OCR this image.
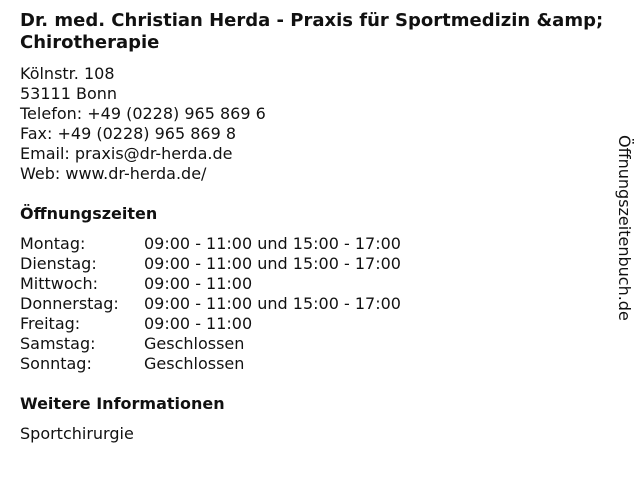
Dr. med. Christian Herda - Praxis für Sportmedizin &amp; Chirotherapie
Kölnstr. 108
53111 Bonn
Telefon: +49 (0228) 965 869 6
Fax: +49 (0228) 965 869 8
Email: praxis@dr-herda.de
Web: www.dr-herda.de/
Öffnungszeiten
Montag:	09:00 - 11:00 und 15:00 - 17:00
Dienstag:	09:00 - 11:00 und 15:00 - 17:00
Mittwoch:	09:00 - 11:00
Donnerstag:	09:00 - 11:00 und 15:00 - 17:00
Freitag:	09:00 - 11:00
Samstag:	Geschlossen
Sonntag:	Geschlossen
Weitere Informationen
Sportchirurgie
Öffnungszeitenbuch.de
